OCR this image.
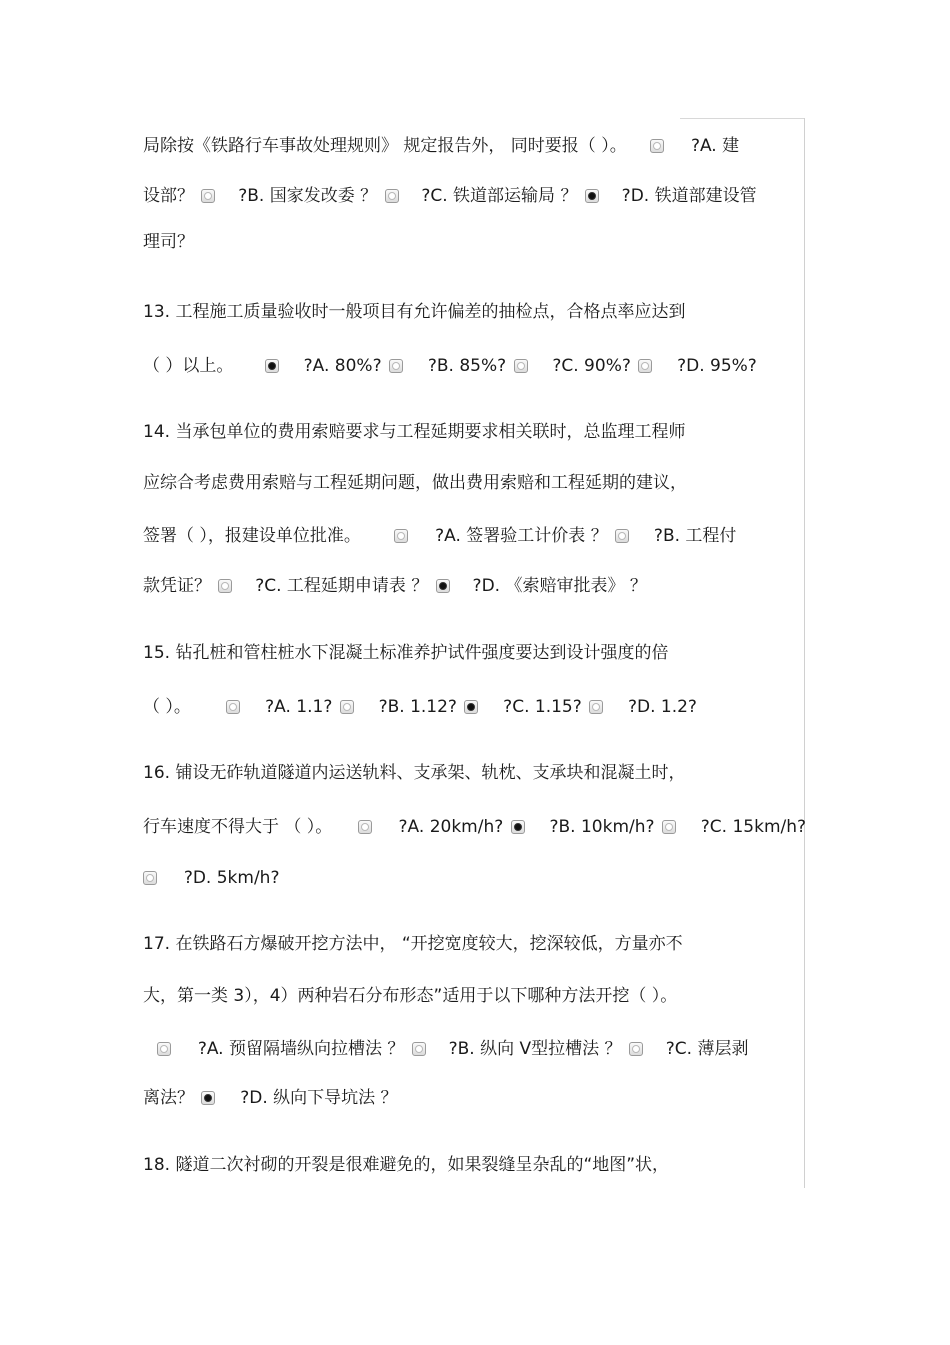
局除按《铁路行车事故处理规则》 规定报告外， 同时要报（ ）。	?A. 建
设部？	?B. 国家发改委 ？	?C. 铁道部运输局 ？	?D. 铁道部建设管
理司？
13. 工程施工质量验收时一般项目有允许偏差的抽检点，合格点率应达到
（ ）以上。	?A. 80%?	?B. 85%?	?C. 90%?	?D. 95%?
14. 当承包单位的费用索赔要求与工程延期要求相关联时，总监理工程师
应综合考虑费用索赔与工程延期问题，做出费用索赔和工程延期的建议，
签署（ ），报建设单位批准。	?A. 签署验工计价表 ？	?B. 工程付
款凭证？	?C. 工程延期申请表 ？	?D. 《索赔审批表》 ？
15. 钻孔桩和管柱桩水下混凝土标准养护试件强度要达到设计强度的倍
（ ）。	?A. 1.1?	?B. 1.12?	?C. 1.15?	?D. 1.2?
16. 铺设无砟轨道隧道内运送轨料、支承架、轨枕、支承块和混凝土时，
行车速度不得大于 （ ）。	?A. 20km/h?	?B. 10km/h?	?C. 15km/h?
?D. 5km/h?
17. 在铁路石方爆破开挖方法中， “开挖宽度较大，挖深较低，方量亦不
大，第一类 3），4）两种岩石分布形态”适用于以下哪种方法开挖（ ）。
?A. 预留隔墙纵向拉槽法 ？	?B. 纵向 V型拉槽法 ？	?C. 薄层剥
离法？	?D. 纵向下导坑法 ？
18. 隧道二次衬砌的开裂是很难避免的，如果裂缝呈杂乱的“地图”状，
